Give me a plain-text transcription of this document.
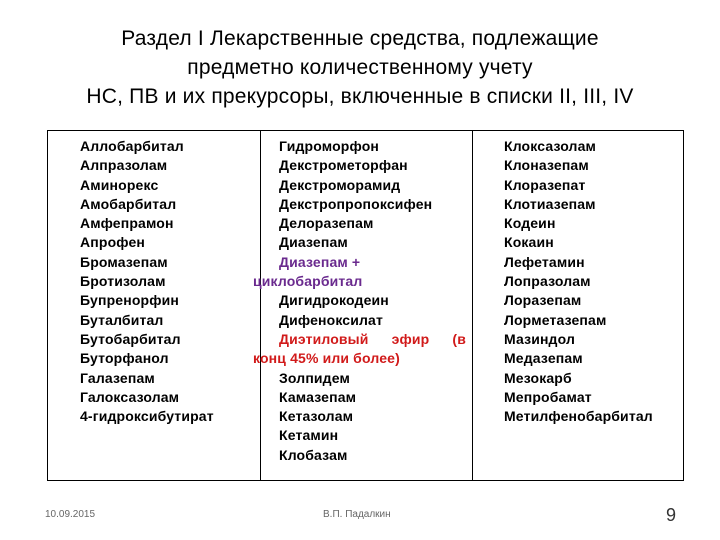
Раздел I Лекарственные средства, подлежащие
предметно количественному учету
НС, ПВ и их прекурсоры, включенные в списки II, III, IV
Аллобарбитал
Алпразолам
Аминорекс
Амобарбитал
Амфепрамон
Апрофен
Бромазепам
Бротизолам
Бупренорфин
Буталбитал
Бутобарбитал
Буторфанол
Галазепам
Галоксазолам
4-гидроксибутират
Гидроморфон
Декстрометорфан
Декстроморамид
Декстропропоксифен
Делоразепам
Диазепам
Диазепам +
циклобарбитал
Дигидрокодеин
Дифеноксилат
Диэтиловый эфир (в
конц 45% или более)
Золпидем
Камазепам
Кетазолам
Кетамин
Клобазам
Клоксазолам
Клоназепам
Клоразепат
Клотиазепам
Кодеин
Кокаин
Лефетамин
Лопразолам
Лоразепам
Лорметазепам
Мазиндол
Медазепам
Мезокарб
Мепробамат
Метилфенобарбитал
10.09.2015	В.П. Падалкин	9
